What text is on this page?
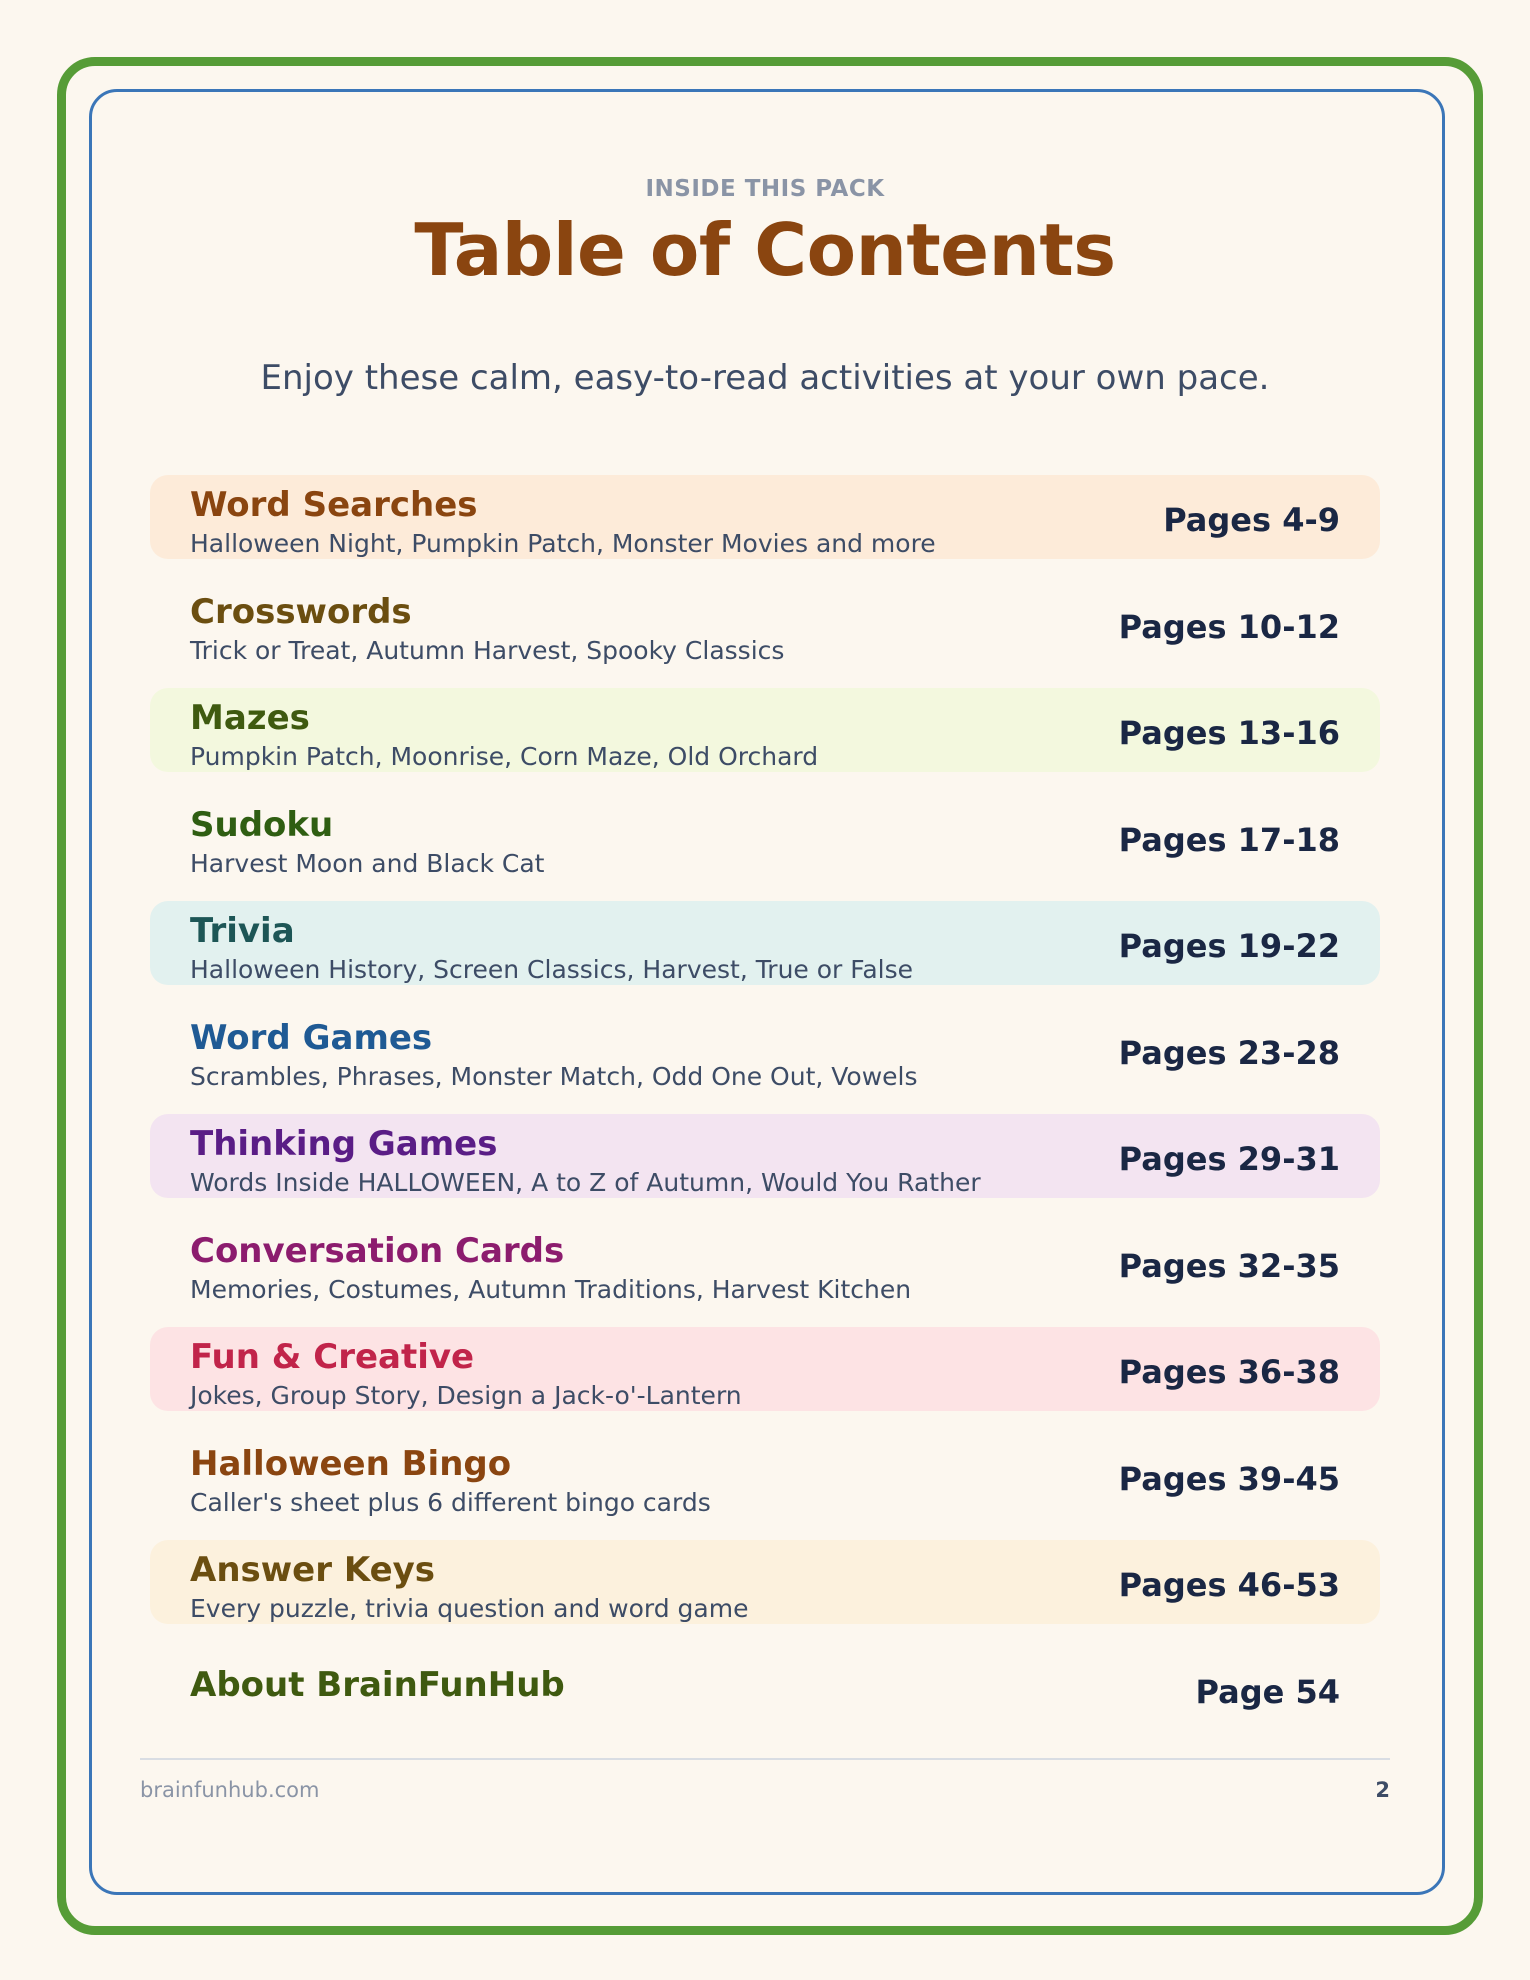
INSIDE THIS PACK
Table of Contents
Enjoy these calm, easy-to-read activities at your own pace.
Word Searches
Halloween Night, Pumpkin Patch, Monster Movies and more
Pages 4-9
Crosswords
Trick or Treat, Autumn Harvest, Spooky Classics
Pages 10-12
Mazes
Pumpkin Patch, Moonrise, Corn Maze, Old Orchard
Pages 13-16
Sudoku
Harvest Moon and Black Cat
Pages 17-18
Trivia
Halloween History, Screen Classics, Harvest, True or False
Pages 19-22
Word Games
Scrambles, Phrases, Monster Match, Odd One Out, Vowels
Pages 23-28
Thinking Games
Words Inside HALLOWEEN, A to Z of Autumn, Would You Rather
Pages 29-31
Conversation Cards
Memories, Costumes, Autumn Traditions, Harvest Kitchen
Pages 32-35
Fun & Creative
Jokes, Group Story, Design a Jack-o'-Lantern
Pages 36-38
Halloween Bingo
Caller's sheet plus 6 different bingo cards
Pages 39-45
Answer Keys
Every puzzle, trivia question and word game
Pages 46-53
About BrainFunHub	Page 54
brainfunhub.com	2
